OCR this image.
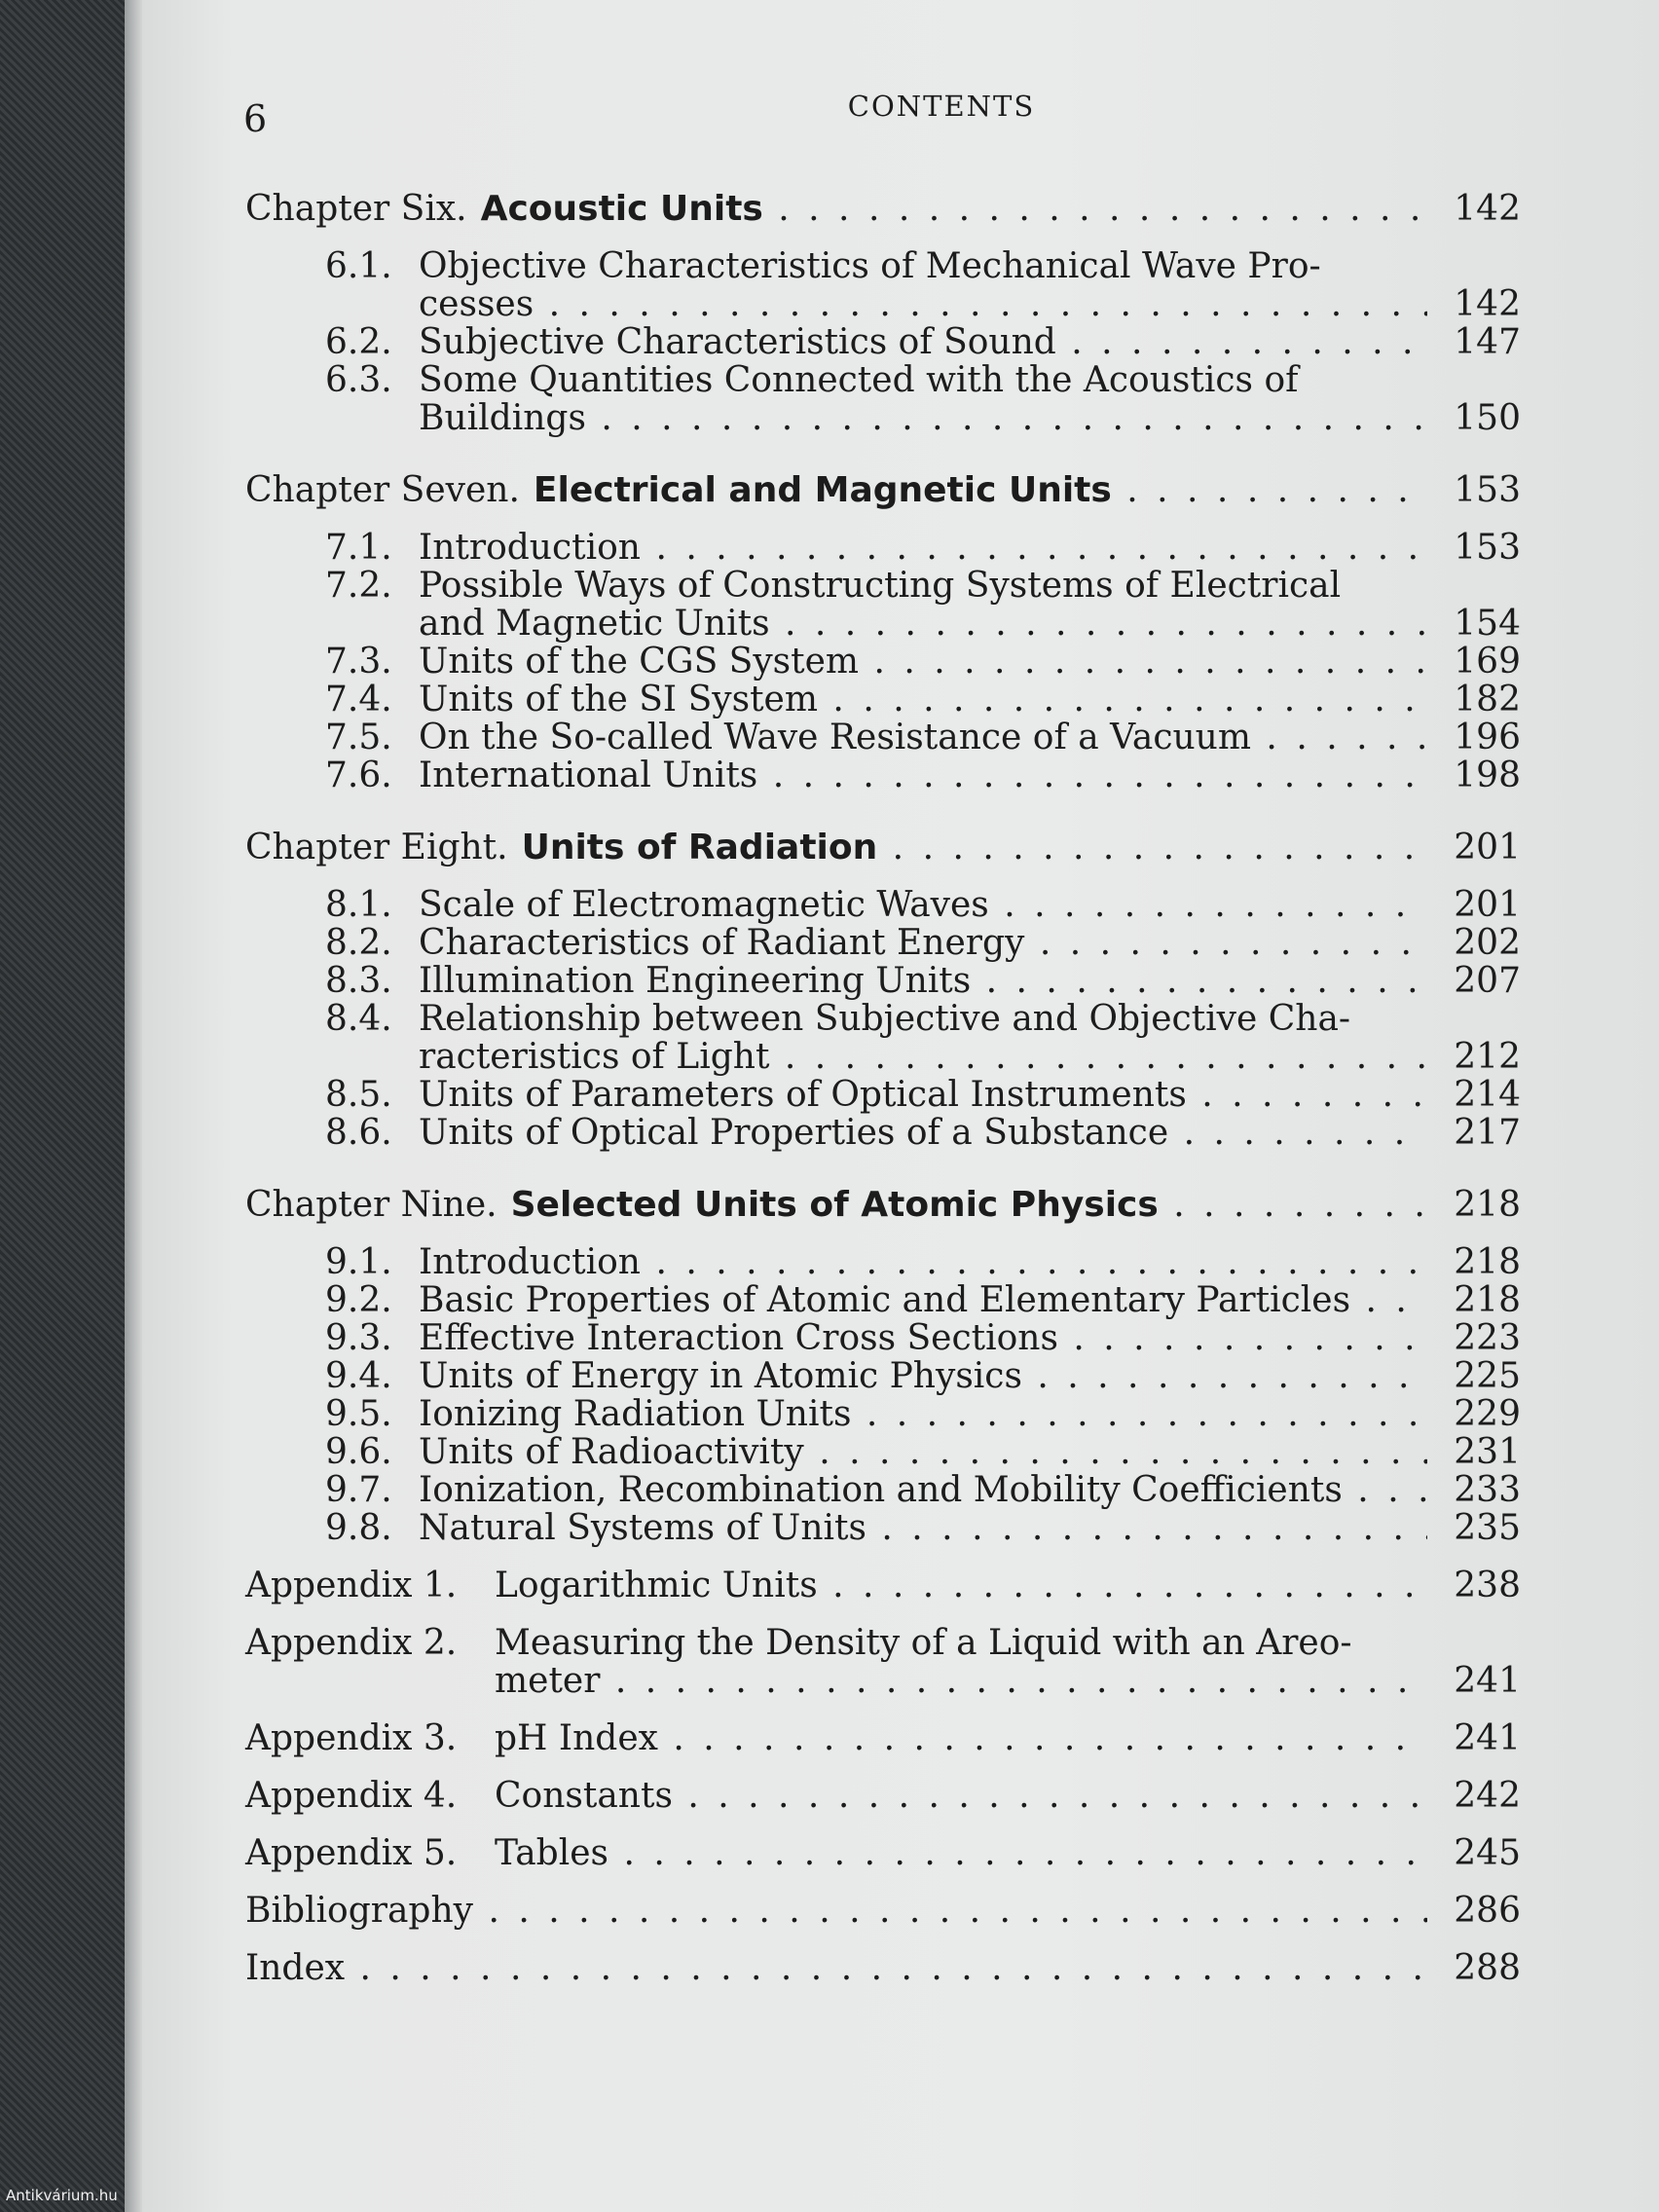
Antikvárium.hu
6	CONTENTS
Chapter Six. Acoustic Units . . .	142
6.1. Objective Characteristics of Mechanical Wave Pro-
cesses . . .	142
6.2. Subjective Characteristics of Sound . . .	147
6.3. Some Quantities Connected with the Acoustics of
Buildings . . .	150
Chapter Seven. Electrical and Magnetic Units . . .	153
7.1. Introduction . . .	153
7.2. Possible Ways of Constructing Systems of Electrical
and Magnetic Units . . .	154
7.3. Units of the CGS System . . .	169
7.4. Units of the SI System . . .	182
7.5. On the So-called Wave Resistance of a Vacuum . . .	196
7.6. International Units . . .	198
Chapter Eight. Units of Radiation . . .	201
8.1. Scale of Electromagnetic Waves . . .	201
8.2. Characteristics of Radiant Energy . . .	202
8.3. Illumination Engineering Units . . .	207
8.4. Relationship between Subjective and Objective Cha-
racteristics of Light . . .	212
8.5. Units of Parameters of Optical Instruments . . .	214
8.6. Units of Optical Properties of a Substance . . .	217
Chapter Nine. Selected Units of Atomic Physics . . .	218
9.1. Introduction . . .	218
9.2. Basic Properties of Atomic and Elementary Particles . . .	218
9.3. Effective Interaction Cross Sections . . .	223
9.4. Units of Energy in Atomic Physics . . .	225
9.5. Ionizing Radiation Units . . .	229
9.6. Units of Radioactivity . . .	231
9.7. Ionization, Recombination and Mobility Coefficients . . .	233
9.8. Natural Systems of Units . . .	235
Appendix 1.	Logarithmic Units . . .	238
Appendix 2.	Measuring the Density of a Liquid with an Areo-
meter . . .	241
Appendix 3.	pH Index . . .	241
Appendix 4.	Constants . . .	242
Appendix 5.	Tables . . .	245
Bibliography . . .	286
Index . . .	288
